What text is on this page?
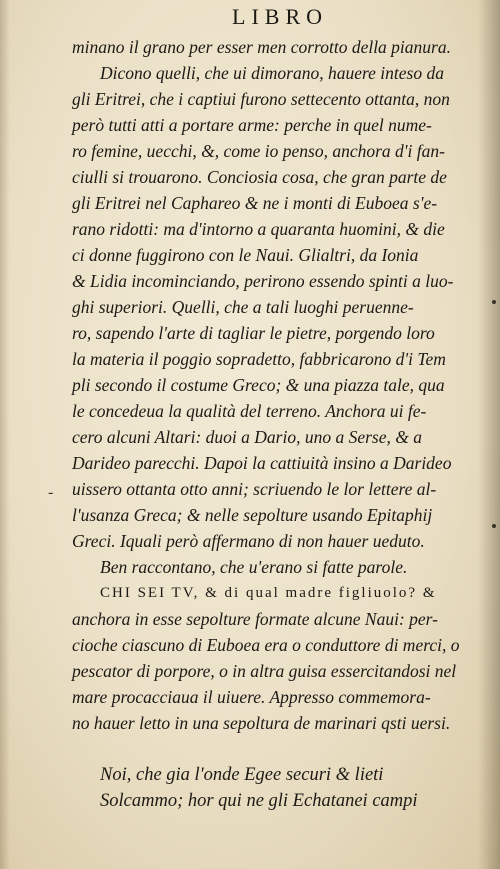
LIBRO
minano il grano per esser men corrotto della pianura.
Dicono quelli, che ui dimorano, hauere inteso da
gli Eritrei, che i captiui furono settecento ottanta, non
però tutti atti a portare arme: perche in quel nume-
ro femine, uecchi, &, come io penso, anchora d'i fan-
ciulli si trouarono. Conciosia cosa, che gran parte de
gli Eritrei nel Caphareo & ne i monti di Euboea s'e-
rano ridotti: ma d'intorno a quaranta huomini, & die
ci donne fuggirono con le Naui. Glialtri, da Ionia
& Lidia incominciando, perirono essendo spinti a luo-
ghi superiori. Quelli, che a tali luoghi peruenne-
ro, sapendo l'arte di tagliar le pietre, porgendo loro
la materia il poggio sopradetto, fabbricarono d'i Tem
pli secondo il costume Greco; & una piazza tale, qua
le concedeua la qualità del terreno. Anchora ui fe-
cero alcuni Altari: duoi a Dario, uno a Serse, & a
Darideo parecchi. Dapoi la cattiuità insino a Darideo
uissero ottanta otto anni; scriuendo le lor lettere al-
l'usanza Greca; & nelle sepolture usando Epitaphij
Greci. Iquali però affermano di non hauer ueduto.
Ben raccontano, che u'erano si fatte parole.
CHI SEI TV, & di qual madre figliuolo? &
anchora in esse sepolture formate alcune Naui: per-
cioche ciascuno di Euboea era o conduttore di merci, o
pescator di porpore, o in altra guisa essercitandosi nel
mare procacciaua il uiuere. Appresso commemora-
no hauer letto in una sepoltura de marinari qsti uersi.
Noi, che gia l'onde Egee securi & lieti
Solcammo; hor qui ne gli Echatanei campi
-
